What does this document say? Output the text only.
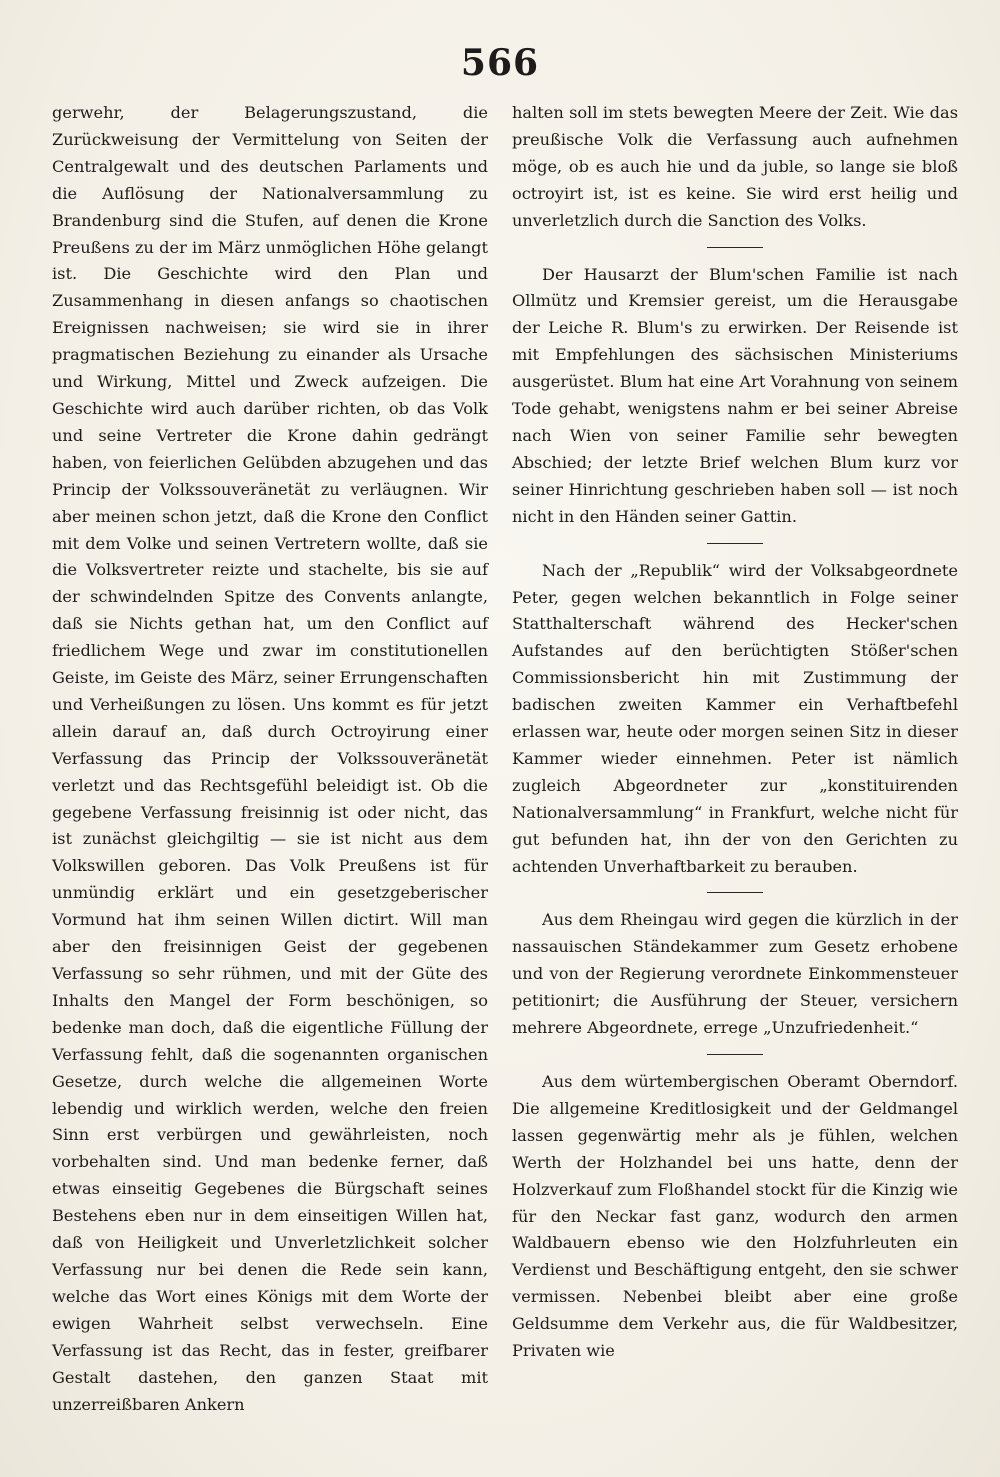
566

gerwehr, der Belagerungszustand, die Zurückweisung der Vermittelung von Seiten der Centralgewalt und des deutschen Parlaments und die Auflösung der Nationalversammlung zu Brandenburg sind die Stufen, auf denen die Krone Preußens zu der im März unmöglichen Höhe gelangt ist. Die Geschichte wird den Plan und Zusammenhang in diesen anfangs so chaotischen Ereignissen nachweisen; sie wird sie in ihrer pragmatischen Beziehung zu einander als Ursache und Wirkung, Mittel und Zweck aufzeigen. Die Geschichte wird auch darüber richten, ob das Volk und seine Vertreter die Krone dahin gedrängt haben, von feierlichen Gelübden abzugehen und das Princip der Volkssouveränetät zu verläugnen. Wir aber meinen schon jetzt, daß die Krone den Conflict mit dem Volke und seinen Vertretern wollte, daß sie die Volksvertreter reizte und stachelte, bis sie auf der schwindelnden Spitze des Convents anlangte, daß sie Nichts gethan hat, um den Conflict auf friedlichem Wege und zwar im constitutionellen Geiste, im Geiste des März, seiner Errungenschaften und Verheißungen zu lösen. Uns kommt es für jetzt allein darauf an, daß durch Octroyirung einer Verfassung das Princip der Volkssouveränetät verletzt und das Rechtsgefühl beleidigt ist. Ob die gegebene Verfassung freisinnig ist oder nicht, das ist zunächst gleichgiltig — sie ist nicht aus dem Volkswillen geboren. Das Volk Preußens ist für unmündig erklärt und ein gesetzgeberischer Vormund hat ihm seinen Willen dictirt. Will man aber den freisinnigen Geist der gegebenen Verfassung so sehr rühmen, und mit der Güte des Inhalts den Mangel der Form beschönigen, so bedenke man doch, daß die eigentliche Füllung der Verfassung fehlt, daß die sogenannten organischen Gesetze, durch welche die allgemeinen Worte lebendig und wirklich werden, welche den freien Sinn erst verbürgen und gewährleisten, noch vorbehalten sind. Und man bedenke ferner, daß etwas einseitig Gegebenes die Bürgschaft seines Bestehens eben nur in dem einseitigen Willen hat, daß von Heiligkeit und Unverletzlichkeit solcher Verfassung nur bei denen die Rede sein kann, welche das Wort eines Königs mit dem Worte der ewigen Wahrheit selbst verwechseln. Eine Verfassung ist das Recht, das in fester, greifbarer Gestalt dastehen, den ganzen Staat mit unzerreißbaren Ankern

halten soll im stets bewegten Meere der Zeit. Wie das preußische Volk die Verfassung auch aufnehmen möge, ob es auch hie und da juble, so lange sie bloß octroyirt ist, ist es keine. Sie wird erst heilig und unverletzlich durch die Sanction des Volks.

Der Hausarzt der Blum'schen Familie ist nach Ollmütz und Kremsier gereist, um die Herausgabe der Leiche R. Blum's zu erwirken. Der Reisende ist mit Empfehlungen des sächsischen Ministeriums ausgerüstet. Blum hat eine Art Vorahnung von seinem Tode gehabt, wenigstens nahm er bei seiner Abreise nach Wien von seiner Familie sehr bewegten Abschied; der letzte Brief welchen Blum kurz vor seiner Hinrichtung geschrieben haben soll — ist noch nicht in den Händen seiner Gattin.

Nach der „Republik“ wird der Volksabgeordnete Peter, gegen welchen bekanntlich in Folge seiner Statthalterschaft während des Hecker'schen Aufstandes auf den berüchtigten Stößer'schen Commissionsbericht hin mit Zustimmung der badischen zweiten Kammer ein Verhaftbefehl erlassen war, heute oder morgen seinen Sitz in dieser Kammer wieder einnehmen. Peter ist nämlich zugleich Abgeordneter zur „konstituirenden Nationalversammlung“ in Frankfurt, welche nicht für gut befunden hat, ihn der von den Gerichten zu achtenden Unverhaftbarkeit zu berauben.

Aus dem Rheingau wird gegen die kürzlich in der nassauischen Ständekammer zum Gesetz erhobene und von der Regierung verordnete Einkommensteuer petitionirt; die Ausführung der Steuer, versichern mehrere Abgeordnete, errege „Unzufriedenheit.“

Aus dem würtembergischen Oberamt Oberndorf. Die allgemeine Kreditlosigkeit und der Geldmangel lassen gegenwärtig mehr als je fühlen, welchen Werth der Holzhandel bei uns hatte, denn der Holzverkauf zum Floßhandel stockt für die Kinzig wie für den Neckar fast ganz, wodurch den armen Waldbauern ebenso wie den Holzfuhrleuten ein Verdienst und Beschäftigung entgeht, den sie schwer vermissen. Nebenbei bleibt aber eine große Geldsumme dem Verkehr aus, die für Waldbesitzer, Privaten wie
